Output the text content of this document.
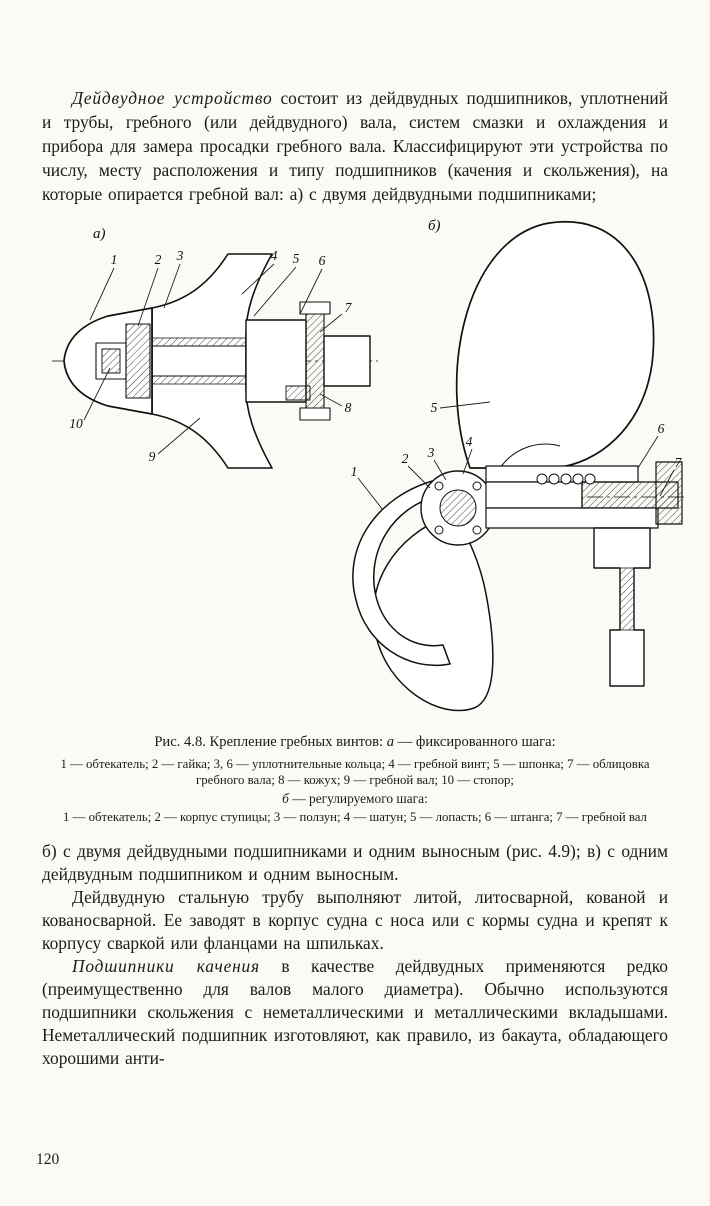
Дейдвудное устройство состоит из дейдвудных подшипников, уплотнений и трубы, гребного (или дейдвудного) вала, систем смазки и охлаждения и прибора для замера просадки гребного вала. Классифицируют эти устройства по числу, месту расположения и типу подшипников (качения и скольжения), на которые опирается гребной вал: а) с двумя дейдвудными подшипниками;

а)	б)
1	2 3	4 5 6
7
8
9
10
1
2 3
4
5
6
7
Рис. 4.8. Крепление гребных винтов: а — фиксированного шага:
1 — обтекатель; 2 — гайка; 3, 6 — уплотнительные кольца; 4 — гребной винт; 5 — шпонка; 7 — облицовка гребного вала; 8 — кожух; 9 — гребной вал; 10 — стопор;
б — регулируемого шага:
1 — обтекатель; 2 — корпус ступицы; 3 — ползун; 4 — шатун; 5 — лопасть; 6 — штанга; 7 — гребной вал

б) с двумя дейдвудными подшипниками и одним выносным (рис. 4.9); в) с одним дейдвудным подшипником и одним выносным.

Дейдвудную стальную трубу выполняют литой, литосварной, кованой и кованосварной. Ее заводят в корпус судна с носа или с кормы судна и крепят к корпусу сваркой или фланцами на шпильках.

Подшипники качения в качестве дейдвудных применяются редко (преимущественно для валов малого диаметра). Обычно используются подшипники скольжения с неметаллическими и металлическими вкладышами. Неметаллический подшипник изготовляют, как правило, из бакаута, обладающего хорошими анти-

120
